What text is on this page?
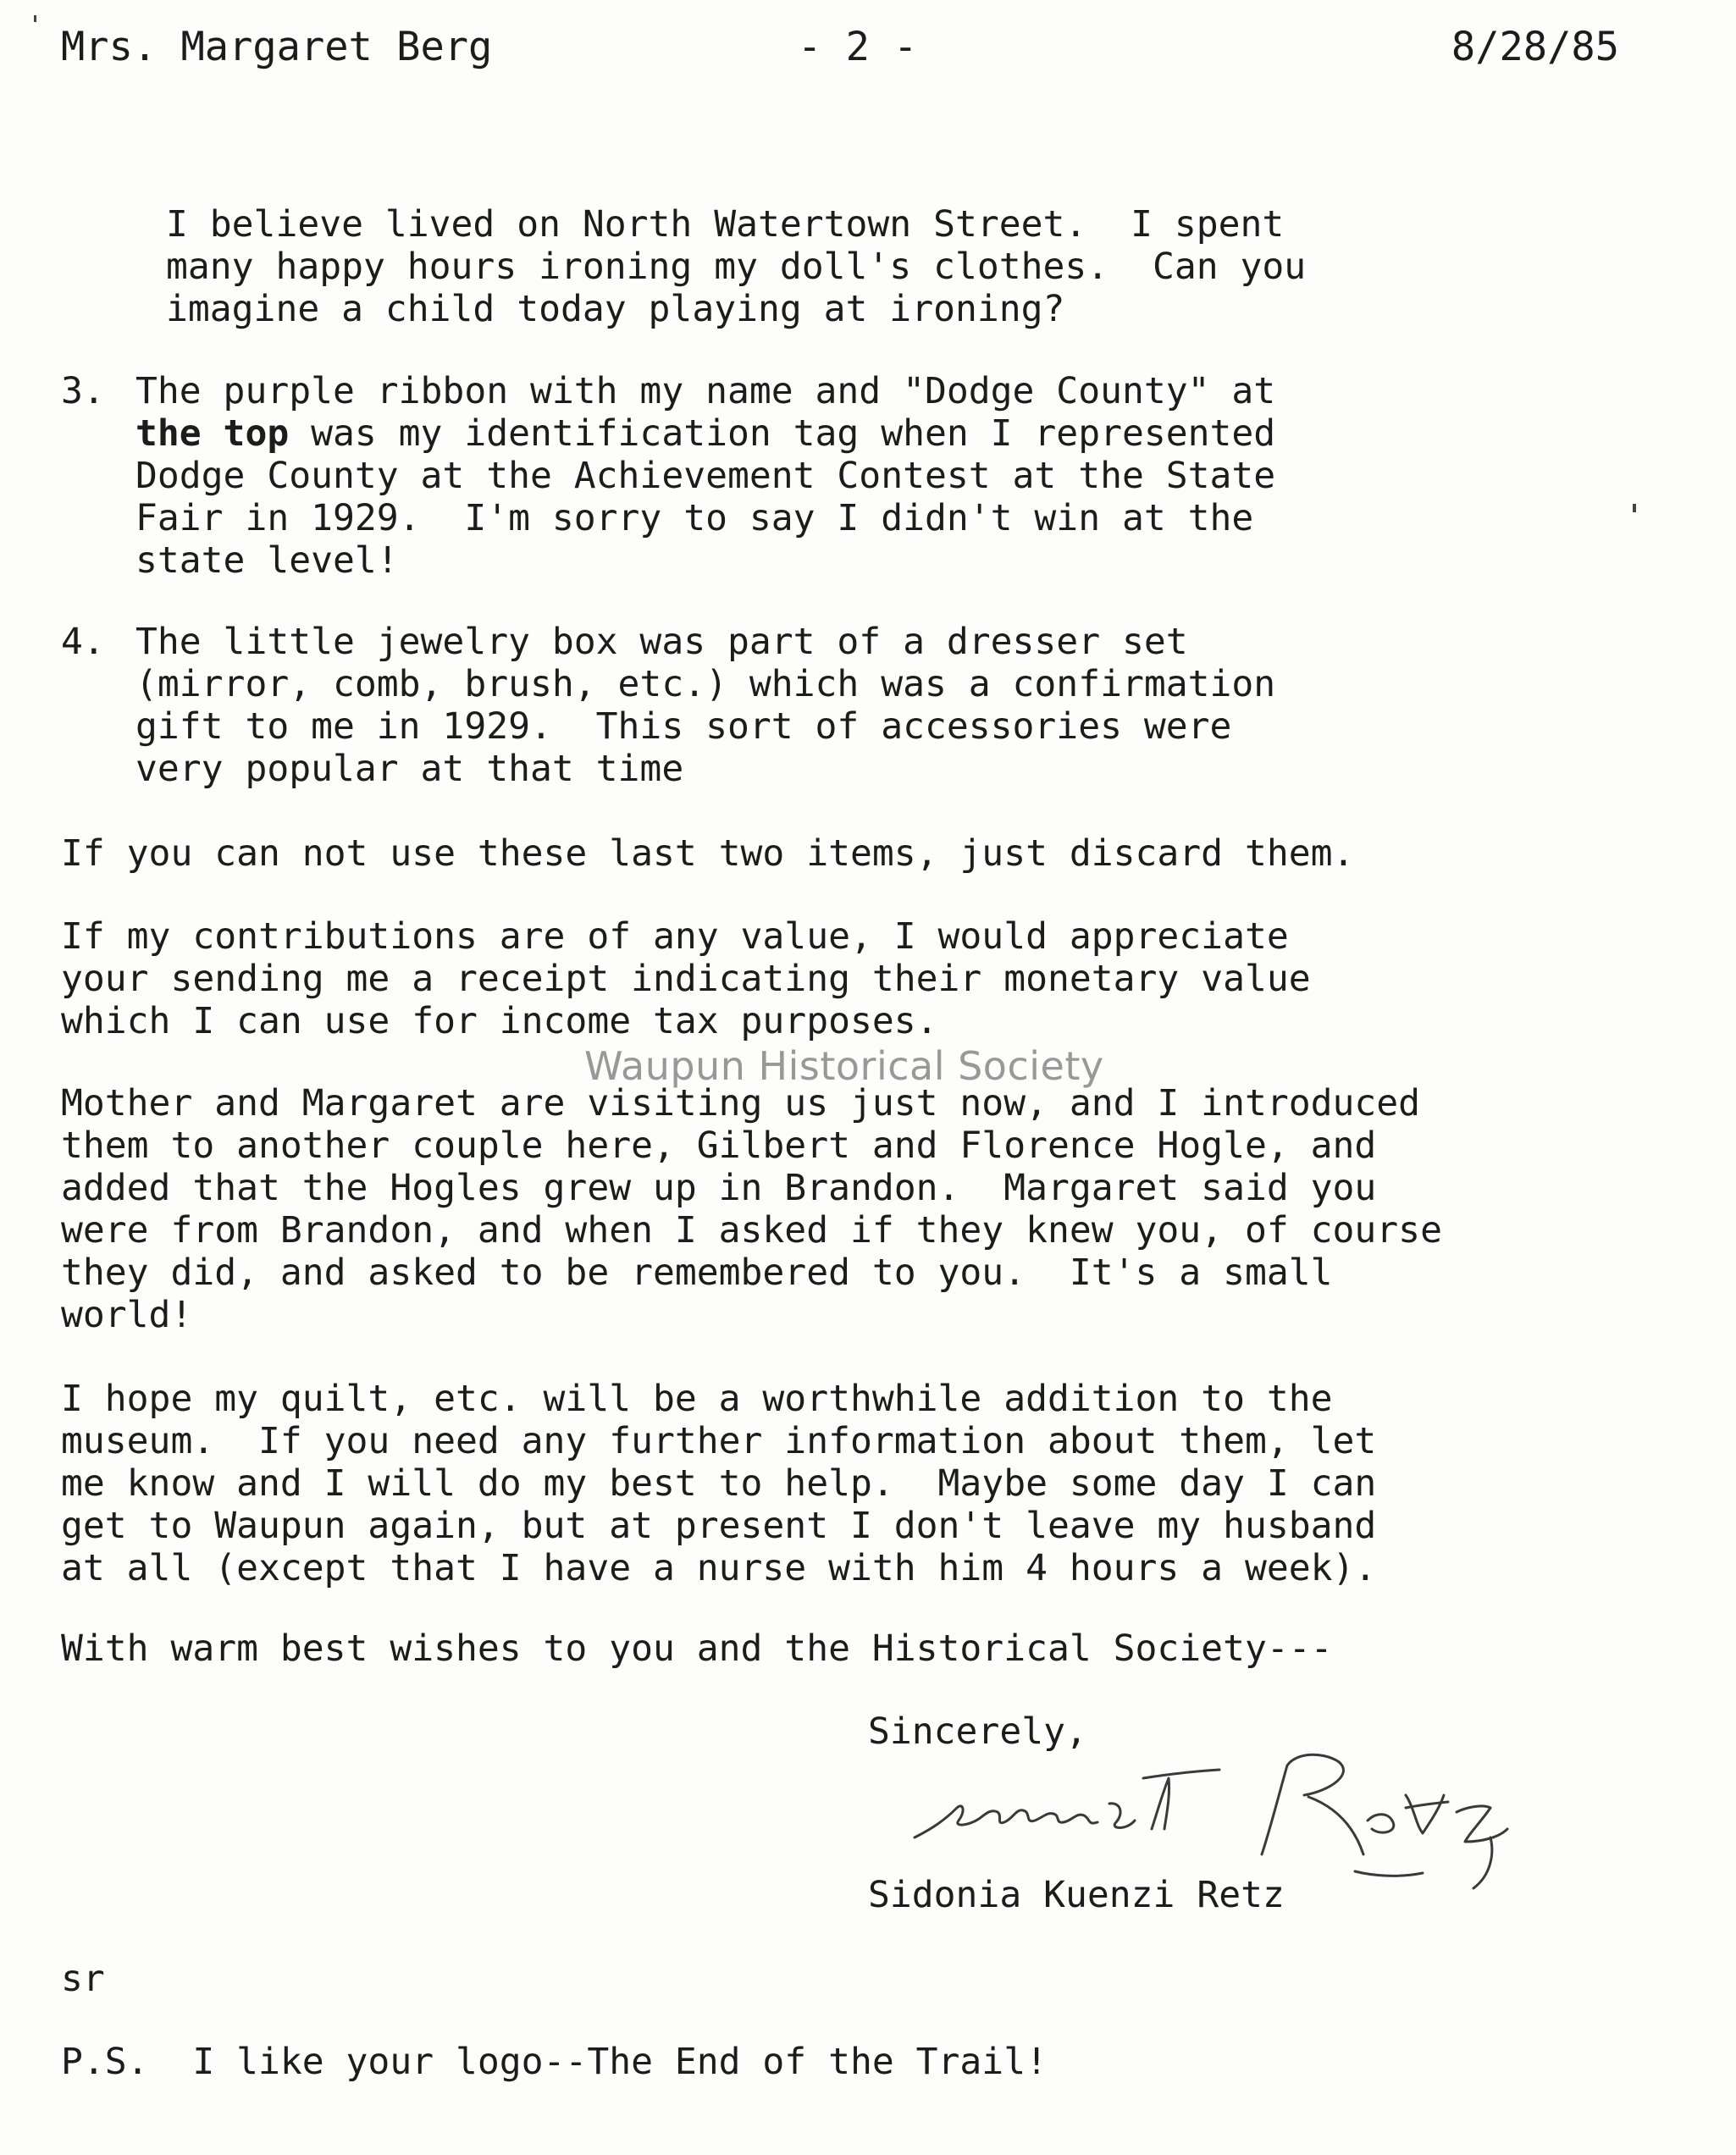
Mrs. Margaret Berg	- 2 -	8/28/85
I believe lived on North Watertown Street.  I spent
many happy hours ironing my doll's clothes.  Can you
imagine a child today playing at ironing?
3. The purple ribbon with my name and "Dodge County" at
the top was my identification tag when I represented
Dodge County at the Achievement Contest at the State
Fair in 1929.  I'm sorry to say I didn't win at the
state level!
4. The little jewelry box was part of a dresser set
(mirror, comb, brush, etc.) which was a confirmation
gift to me in 1929.  This sort of accessories were
very popular at that time
If you can not use these last two items, just discard them.
If my contributions are of any value, I would appreciate
your sending me a receipt indicating their monetary value
which I can use for income tax purposes.
Waupun Historical Society
Mother and Margaret are visiting us just now, and I introduced
them to another couple here, Gilbert and Florence Hogle, and
added that the Hogles grew up in Brandon.  Margaret said you
were from Brandon, and when I asked if they knew you, of course
they did, and asked to be remembered to you.  It's a small
world!
I hope my quilt, etc. will be a worthwhile addition to the
museum.  If you need any further information about them, let
me know and I will do my best to help.  Maybe some day I can
get to Waupun again, but at present I don't leave my husband
at all (except that I have a nurse with him 4 hours a week).
With warm best wishes to you and the Historical Society---
Sincerely,
Sidonia Kuenzi Retz
sr
P.S.  I like your logo--The End of the Trail!
